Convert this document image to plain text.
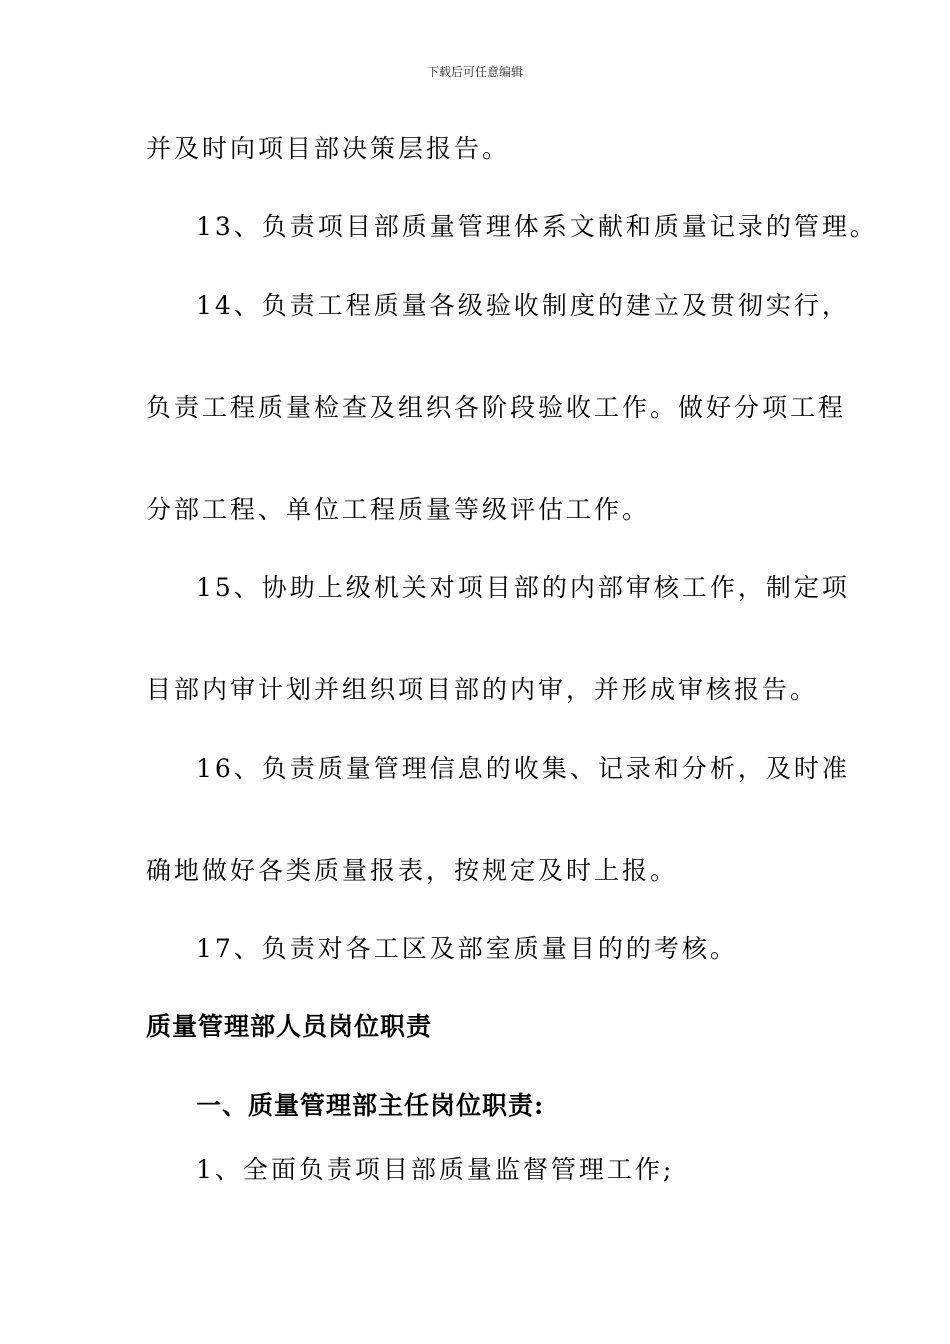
下载后可任意编辑
并及时向项目部决策层报告。
13、负责项目部质量管理体系文献和质量记录的管理。
14、负责工程质量各级验收制度的建立及贯彻实行，
负责工程质量检查及组织各阶段验收工作。做好分项工程
分部工程、单位工程质量等级评估工作。
15、协助上级机关对项目部的内部审核工作，制定项
目部内审计划并组织项目部的内审，并形成审核报告。
16、负责质量管理信息的收集、记录和分析，及时准
确地做好各类质量报表，按规定及时上报。
17、负责对各工区及部室质量目的的考核。
质量管理部人员岗位职责
一、质量管理部主任岗位职责:
1、全面负责项目部质量监督管理工作;
